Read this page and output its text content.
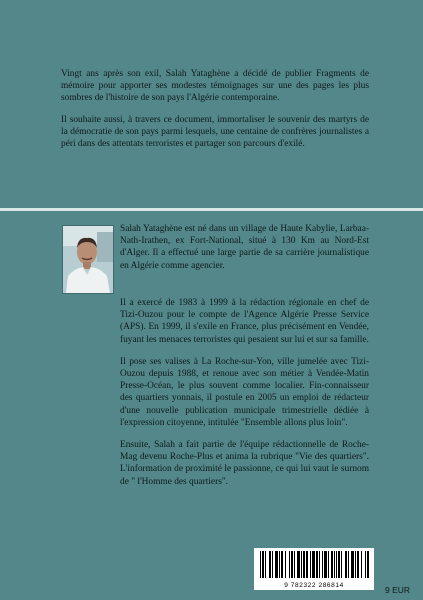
Vingt ans après son exil, Salah Yataghène a décidé de publier Fragments de mémoire pour apporter ses modestes témoignages sur une des pages les plus sombres de l'histoire de son pays l'Algérie contemporaine.

Il souhaite aussi, à travers ce document, immortaliser le souvenir des martyrs de la démocratie de son pays parmi lesquels, une centaine de confrères journalistes a péri dans des attentats terroristes et partager son parcours d'exilé.

Salah Yataghène est né dans un village de Haute Kabylie, Larbaa-Nath-Irathen, ex Fort-National, situé à 130 Km au Nord-Est d'Alger. Il a effectué une large partie de sa carrière journalistique en Algérie comme agencier.

Il a exercé de 1983 à 1999 à la rédaction régionale en chef de Tizi-Ouzou pour le compte de l'Agence Algérie Presse Service (APS). En 1999, il s'exile en France, plus précisément en Vendée, fuyant les menaces terroristes qui pesaient sur lui et sur sa famille.

Il pose ses valises à La Roche-sur-Yon, ville jumelée avec Tizi-Ouzou depuis 1988, et renoue avec son métier à Vendée-Matin Presse-Océan, le plus souvent comme localier. Fin-connaisseur des quartiers yonnais, il postule en 2005 un emploi de rédacteur d'une nouvelle publication municipale trimestrielle dédiée à l'expression citoyenne, intitulée "Ensemble allons plus loin".

Ensuite, Salah a fait partie de l'équipe rédactionnelle de Roche-Mag devenu Roche-Plus et anima la rubrique "Vie des quartiers". L'information de proximité le passionne, ce qui lui vaut le surnom de " l'Homme des quartiers".

9 782322 286814	9 EUR
